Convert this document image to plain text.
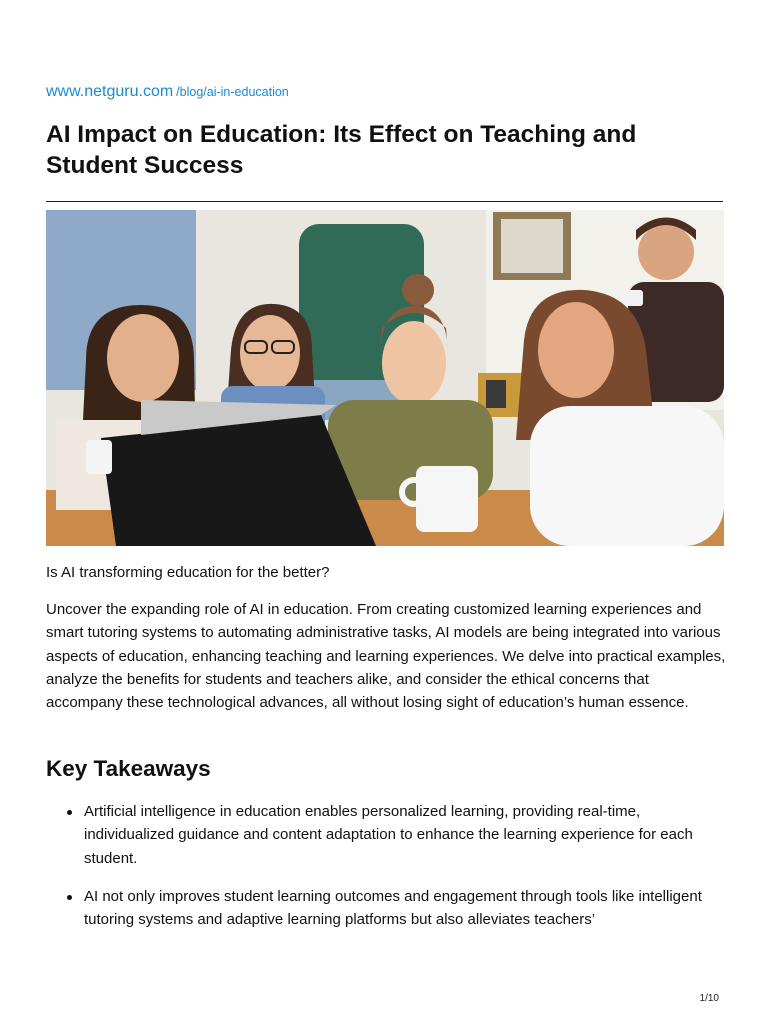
www.netguru.com /blog/ai-in-education
AI Impact on Education: Its Effect on Teaching and Student Success

Is AI transforming education for the better?

Uncover the expanding role of AI in education. From creating customized learning experiences and smart tutoring systems to automating administrative tasks, AI models are being integrated into various aspects of education, enhancing teaching and learning experiences. We delve into practical examples, analyze the benefits for students and teachers alike, and consider the ethical concerns that accompany these technological advances, all without losing sight of education’s human essence.

Key Takeaways
Artificial intelligence in education enables personalized learning, providing real-time, individualized guidance and content adaptation to enhance the learning experience for each student.
AI not only improves student learning outcomes and engagement through tools like intelligent tutoring systems and adaptive learning platforms but also alleviates teachers’
1/10
